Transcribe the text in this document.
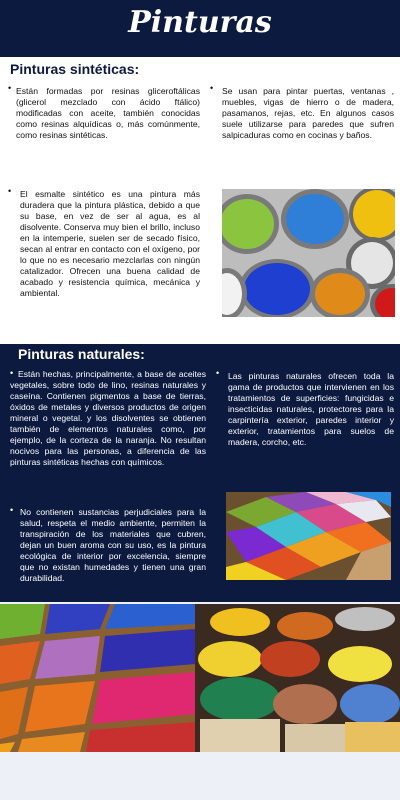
Pinturas
Pinturas sintéticas:
• Están formadas por resinas gliceroftálicas (glicerol mezclado con ácido ftálico) modificadas con aceite, también conocidas como resinas alquídicas o, más comúnmente, como resinas sintéticas.
• Se usan para pintar puertas, ventanas , muebles, vigas de hierro o de madera, pasamanos, rejas, etc. En algunos casos suele utilizarse para paredes que sufren salpicaduras como en cocinas y baños.
• El esmalte sintético es una pintura más duradera que la pintura plástica, debido a que su base, en vez de ser al agua, es al disolvente. Conserva muy bien el brillo, incluso en la intemperie, suelen ser de secado físico, secan al entrar en contacto con el oxígeno, por lo que no es necesario mezclarlas con ningún catalizador. Ofrecen una buena calidad de acabado y resistencia química, mecánica y ambiental.
Pinturas naturales:
• Están hechas, principalmente, a base de aceites vegetales, sobre todo de lino, resinas naturales y caseína. Contienen pigmentos a base de tierras, óxidos de metales y diversos productos de origen mineral o vegetal. y los disolventes se obtienen también de elementos naturales como, por ejemplo, de la corteza de la naranja. No resultan nocivos para las personas, a diferencia de las pinturas sintéticas hechas con químicos.
• Las pinturas naturales ofrecen toda la gama de productos que intervienen en los tratamientos de superficies: fungicidas e insecticidas naturales, protectores para la carpintería exterior, paredes interior y exterior, tratamientos para suelos de madera, corcho, etc.
• No contienen sustancias perjudiciales para la salud, respeta el medio ambiente, permiten la transpiración de los materiales que cubren, dejan un buen aroma con su uso, es la pintura ecológica de interior por excelencia, siempre que no existan humedades y tienen una gran durabilidad.
